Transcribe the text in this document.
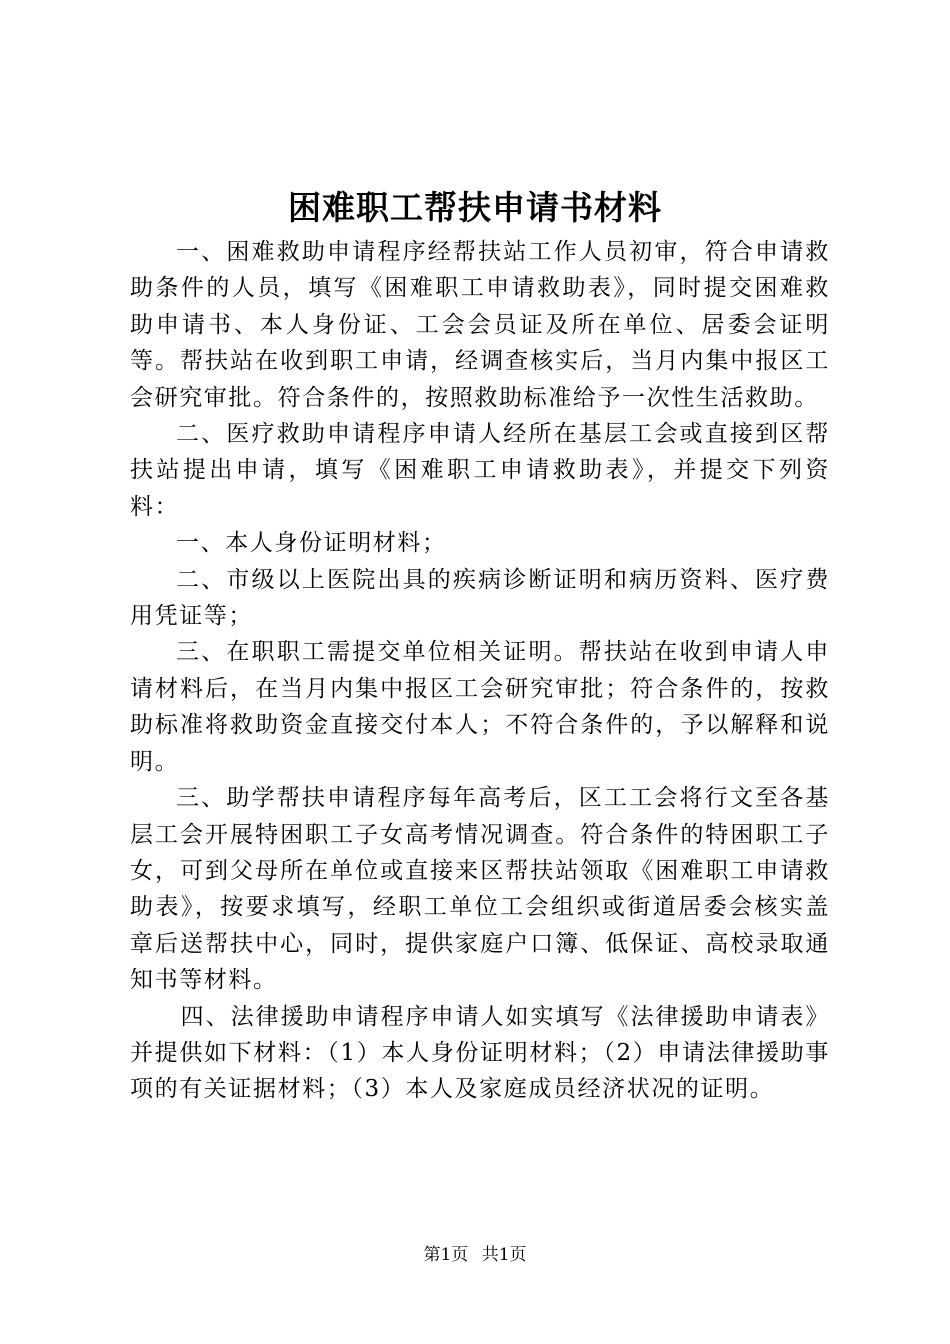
困难职工帮扶申请书材料

一、困难救助申请程序经帮扶站工作人员初审，符合申请救助条件的人员，填写《困难职工申请救助表》，同时提交困难救助申请书、本人身份证、工会会员证及所在单位、居委会证明等。帮扶站在收到职工申请，经调查核实后，当月内集中报区工会研究审批。符合条件的，按照救助标准给予一次性生活救助。

二、医疗救助申请程序申请人经所在基层工会或直接到区帮扶站提出申请，填写《困难职工申请救助表》，并提交下列资料：

一、本人身份证明材料；

二、市级以上医院出具的疾病诊断证明和病历资料、医疗费用凭证等；

三、在职职工需提交单位相关证明。帮扶站在收到申请人申请材料后，在当月内集中报区工会研究审批；符合条件的，按救助标准将救助资金直接交付本人；不符合条件的，予以解释和说明。

三、助学帮扶申请程序每年高考后，区工工会将行文至各基层工会开展特困职工子女高考情况调查。符合条件的特困职工子女，可到父母所在单位或直接来区帮扶站领取《困难职工申请救助表》，按要求填写，经职工单位工会组织或街道居委会核实盖章后送帮扶中心，同时，提供家庭户口簿、低保证、高校录取通知书等材料。

四、法律援助申请程序申请人如实填写《法律援助申请表》并提供如下材料：（1）本人身份证明材料；（2）申请法律援助事项的有关证据材料；（3）本人及家庭成员经济状况的证明。

第1页 共1页
